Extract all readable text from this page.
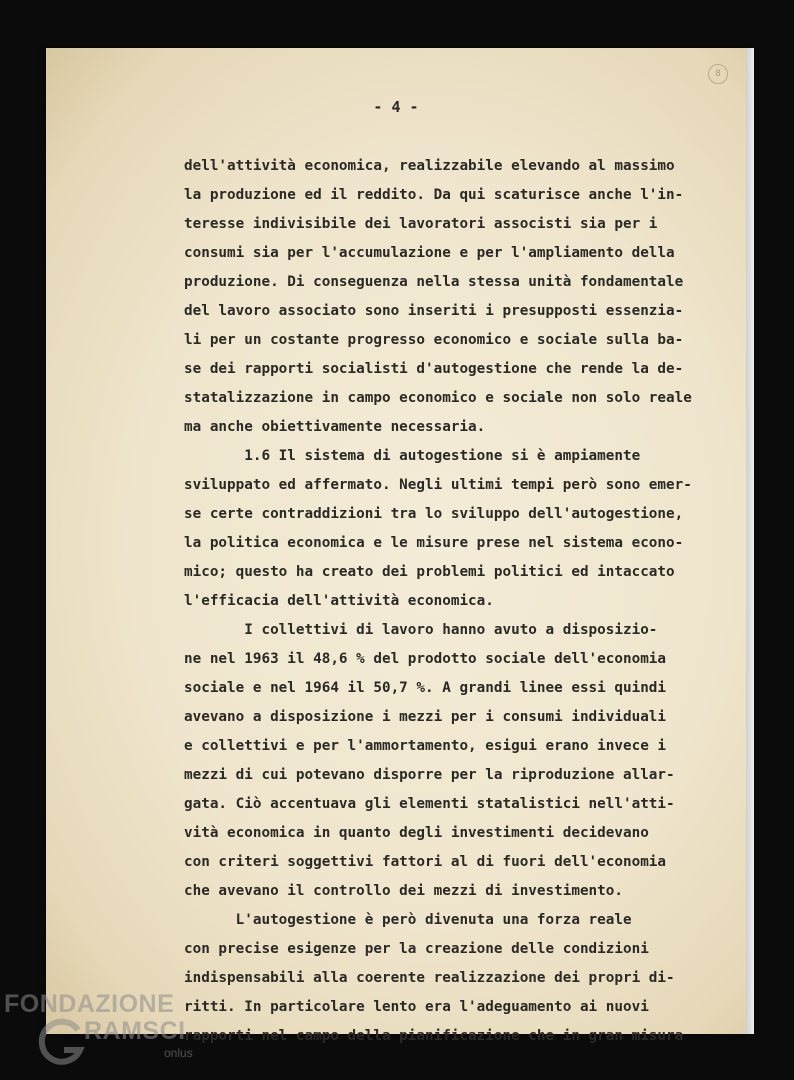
8
- 4 -
dell'attività economica, realizzabile elevando al massimo
la produzione ed il reddito. Da qui scaturisce anche l'in-
teresse indivisibile dei lavoratori associsti sia per i
consumi sia per l'accumulazione e per l'ampliamento della
produzione. Di conseguenza nella stessa unità fondamentale
del lavoro associato sono inseriti i presupposti essenzia-
li per un costante progresso economico e sociale sulla ba-
se dei rapporti socialisti d'autogestione che rende la de-
statalizzazione in campo economico e sociale non solo reale
ma anche obiettivamente necessaria.
1.6 Il sistema di autogestione si è ampiamente
sviluppato ed affermato. Negli ultimi tempi però sono emer-
se certe contraddizioni tra lo sviluppo dell'autogestione,
la politica economica e le misure prese nel sistema econo-
mico; questo ha creato dei problemi politici ed intaccato
l'efficacia dell'attività economica.
I collettivi di lavoro hanno avuto a disposizio-
ne nel 1963 il 48,6 % del prodotto sociale dell'economia
sociale e nel 1964 il 50,7 %. A grandi linee essi quindi
avevano a disposizione i mezzi per i consumi individuali
e collettivi e per l'ammortamento, esigui erano invece i
mezzi di cui potevano disporre per la riproduzione allar-
gata. Ciò accentuava gli elementi statalistici nell'atti-
vità economica in quanto degli investimenti decidevano
con criteri soggettivi fattori al di fuori dell'economia
che avevano il controllo dei mezzi di investimento.
L'autogestione è però divenuta una forza reale
con precise esigenze per la creazione delle condizioni
indispensabili alla coerente realizzazione dei propri di-
ritti. In particolare lento era l'adeguamento ai nuovi
rapporti nel campo della pianificazione che in gran misura
FONDAZIONE
RAMSCI
onlus
